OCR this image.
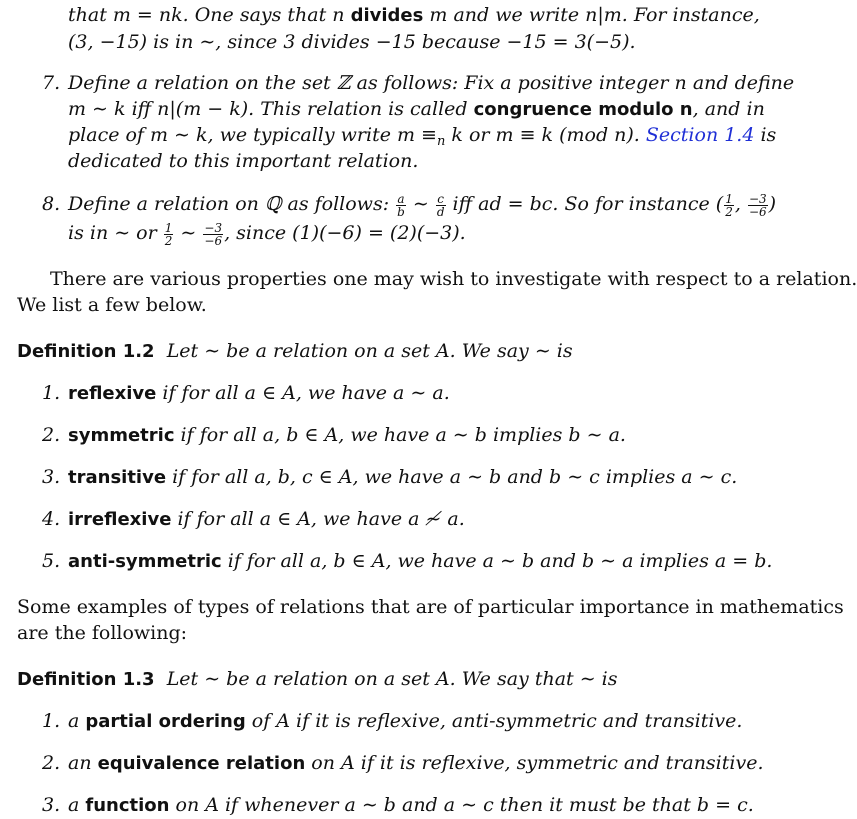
that m = nk. One says that n divides m and we write n|m. For instance,
(3, −15) is in ∼, since 3 divides −15 because −15 = 3(−5).
7. Define a relation on the set ℤ as follows: Fix a positive integer n and define
m ∼ k iff n|(m − k). This relation is called congruence modulo n, and in
place of m ∼ k, we typically write $m \equiv_n$ k or m ≡ k (mod n). Section 1.4 is
dedicated to this important relation.
8. Define a relation on ℚ as follows: $\frac{a}{b}$ ∼ $\frac{c}{d}$ iff ad = bc. So for instance ( $\frac{1}{2}$ , $\frac{-3}{-6}$ )
is in ∼ or $\frac{1}{2}$ ∼ $\frac{-3}{-6}$ , since (1)(−6) = (2)(−3).
There are various properties one may wish to investigate with respect to a relation.
We list a few below.
Definition 1.2 Let ∼ be a relation on a set A. We say ∼ is
1. reflexive if for all a ∈ A, we have a ∼ a.
2. symmetric if for all a, b ∈ A, we have a ∼ b implies b ∼ a.
3. transitive if for all a, b, c ∈ A, we have a ∼ b and b ∼ c implies a ∼ c.
4. irreflexive if for all a ∈ A, we have a ≁ a.
5. anti-symmetric if for all a, b ∈ A, we have a ∼ b and b ∼ a implies a = b.
Some examples of types of relations that are of particular importance in mathematics
are the following:
Definition 1.3 Let ∼ be a relation on a set A. We say that ∼ is
1. a partial ordering of A if it is reflexive, anti-symmetric and transitive.
2. an equivalence relation on A if it is reflexive, symmetric and transitive.
3. a function on A if whenever a ∼ b and a ∼ c then it must be that b = c.
